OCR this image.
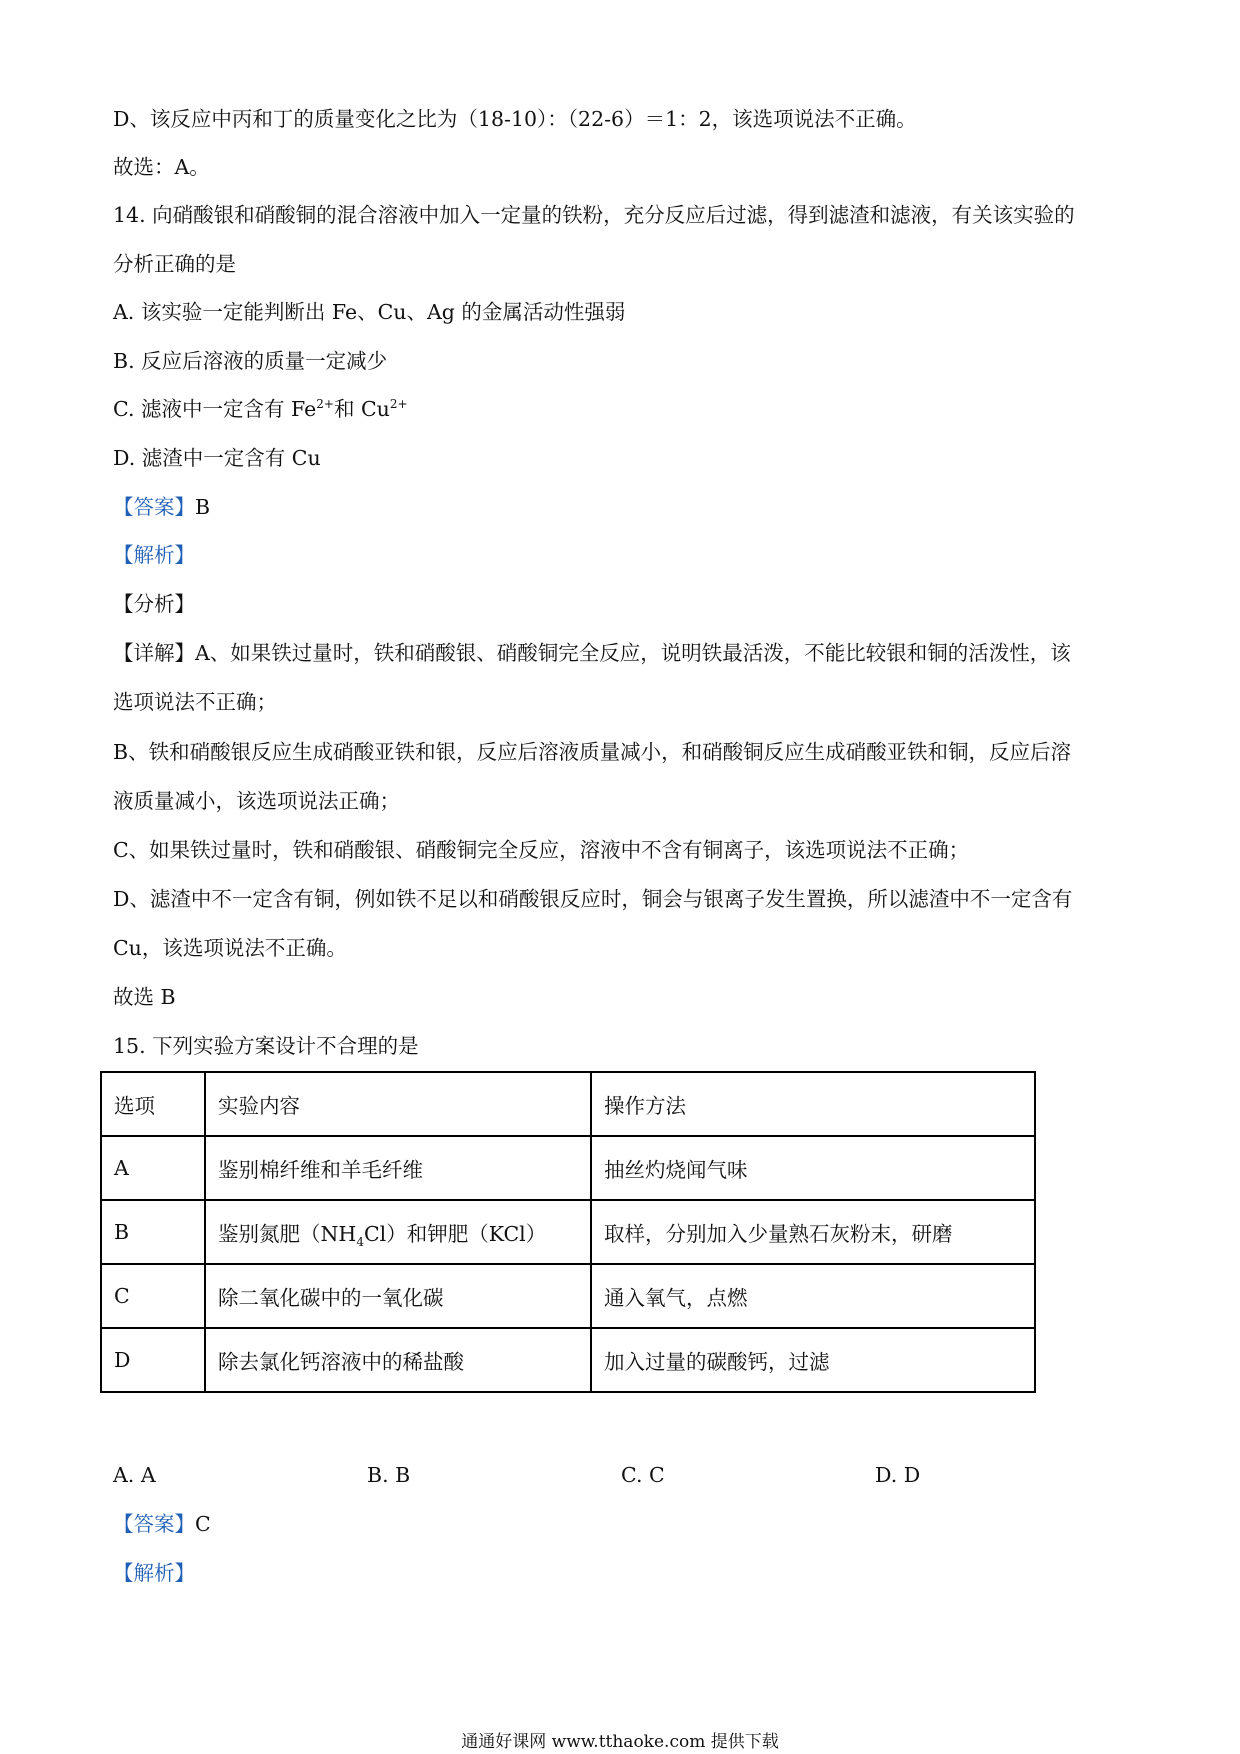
D、该反应中丙和丁的质量变化之比为（18-10）：（22-6）＝1：2，该选项说法不正确。
故选：A。
14. 向硝酸银和硝酸铜的混合溶液中加入一定量的铁粉，充分反应后过滤，得到滤渣和滤液，有关该实验的
分析正确的是
A. 该实验一定能判断出 Fe、Cu、Ag 的金属活动性强弱
B. 反应后溶液的质量一定减少
C. 滤液中一定含有 $Fe^{2+}$和 $Cu^{2+}$
D. 滤渣中一定含有 Cu
【答案】B
【解析】
【分析】
【详解】A、如果铁过量时，铁和硝酸银、硝酸铜完全反应，说明铁最活泼，不能比较银和铜的活泼性，该
选项说法不正确；
B、铁和硝酸银反应生成硝酸亚铁和银，反应后溶液质量减小，和硝酸铜反应生成硝酸亚铁和铜，反应后溶
液质量减小，该选项说法正确；
C、如果铁过量时，铁和硝酸银、硝酸铜完全反应，溶液中不含有铜离子，该选项说法不正确；
D、滤渣中不一定含有铜，例如铁不足以和硝酸银反应时，铜会与银离子发生置换，所以滤渣中不一定含有
Cu，该选项说法不正确。
故选 B
15. 下列实验方案设计不合理的是
选项	实验内容	操作方法
A	鉴别棉纤维和羊毛纤维	抽丝灼烧闻气味
B	鉴别氮肥$(NH_4Cl)$和钾肥（KCl）	取样，分别加入少量熟石灰粉末，研磨
C	除二氧化碳中的一氧化碳	通入氧气，点燃
D	除去氯化钙溶液中的稀盐酸	加入过量的碳酸钙，过滤
A. A	B. B	C. C	D. D
【答案】C
【解析】
通通好课网 www.tthaoke.com 提供下载
